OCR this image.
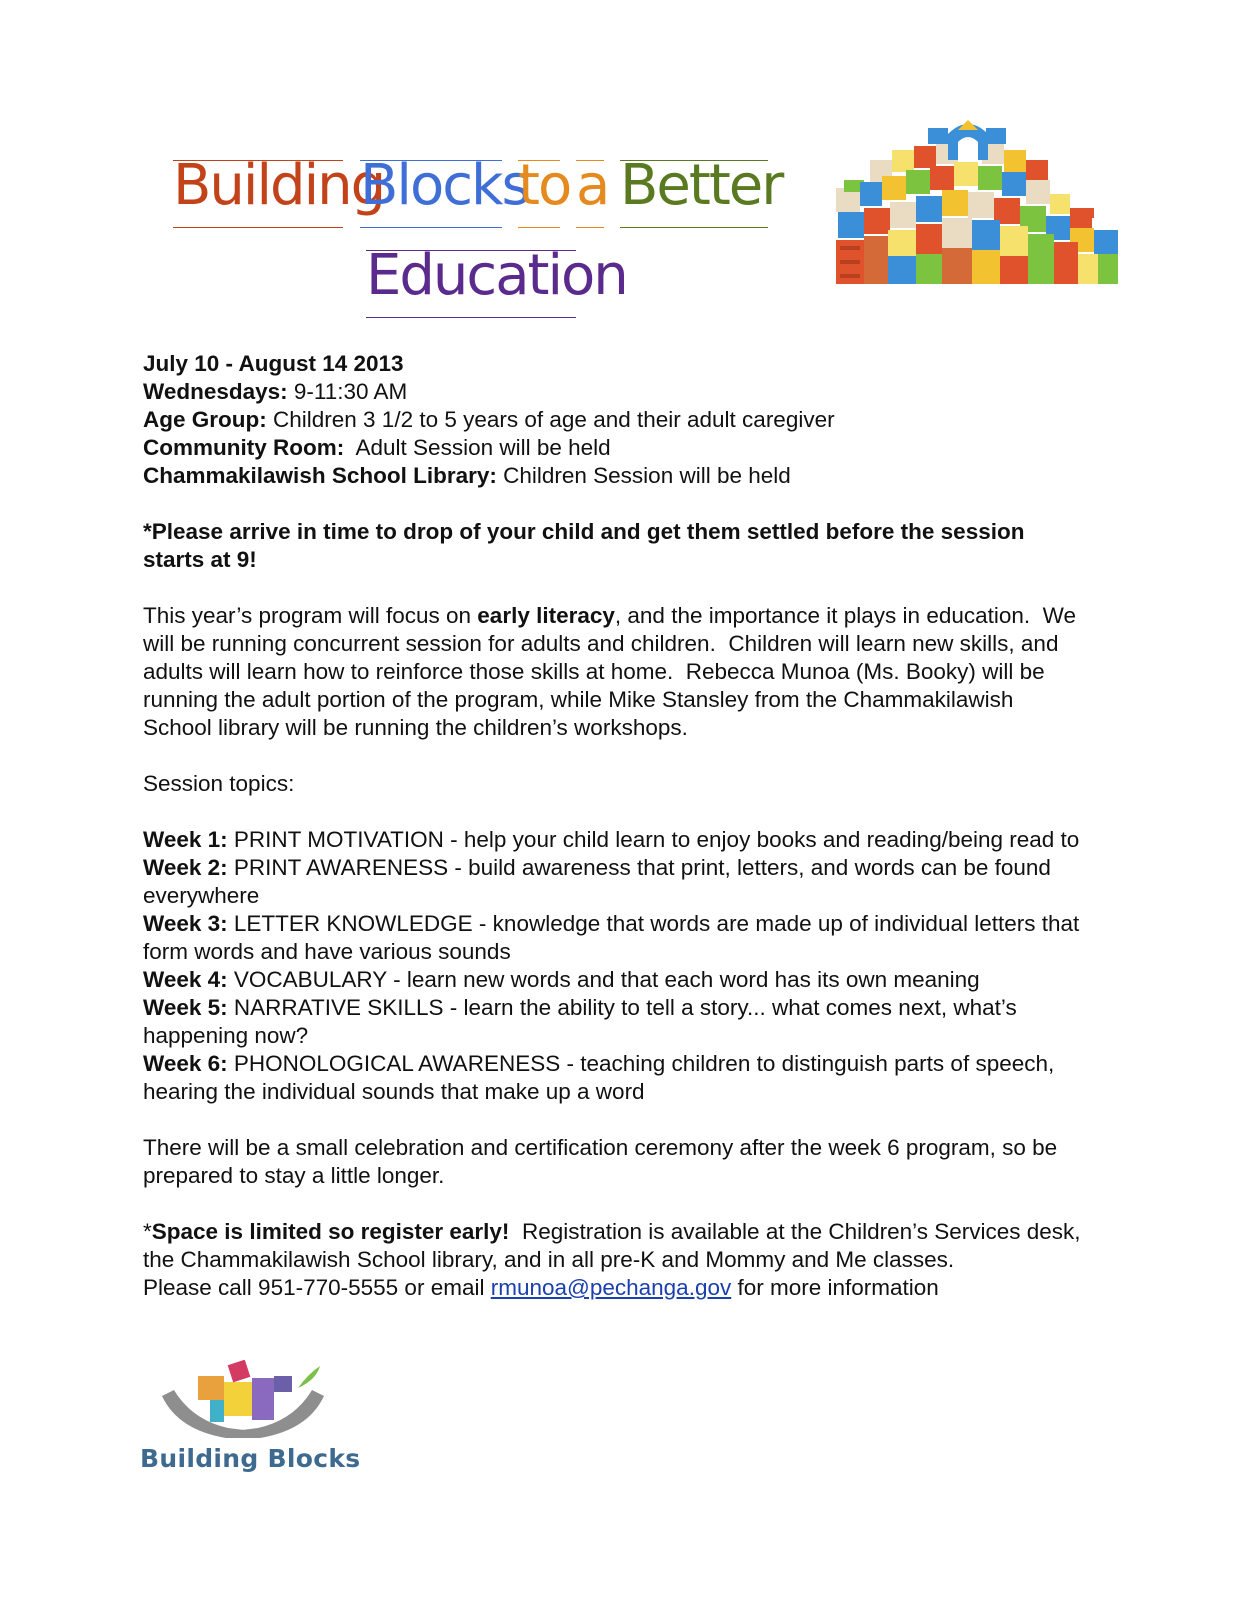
Building
Blocks
to a Better
Education

July 10 - August 14 2013

Wednesdays: 9-11:30 AM

Age Group: Children 3 1/2 to 5 years of age and their adult caregiver

Community Room:  Adult Session will be held

Chammakilawish School Library: Children Session will be held

*Please arrive in time to drop of your child and get them settled before the session starts at 9!

This year’s program will focus on early literacy, and the importance it plays in education.  We will be running concurrent session for adults and children.  Children will learn new skills, and adults will learn how to reinforce those skills at home.  Rebecca Munoa (Ms. Booky) will be running the adult portion of the program, while Mike Stansley from the Chammakilawish School library will be running the children’s workshops.

Session topics:

Week 1: PRINT MOTIVATION - help your child learn to enjoy books and reading/being read to

Week 2: PRINT AWARENESS - build awareness that print, letters, and words can be found everywhere

Week 3: LETTER KNOWLEDGE - knowledge that words are made up of individual letters that form words and have various sounds

Week 4: VOCABULARY - learn new words and that each word has its own meaning

Week 5: NARRATIVE SKILLS - learn the ability to tell a story... what comes next, what’s happening now?

Week 6: PHONOLOGICAL AWARENESS - teaching children to distinguish parts of speech, hearing the individual sounds that make up a word

There will be a small celebration and certification ceremony after the week 6 program, so be prepared to stay a little longer.

*Space is limited so register early!  Registration is available at the Children’s Services desk, the Chammakilawish School library, and in all pre-K and Mommy and Me classes.

Please call 951-770-5555 or email rmunoa@pechanga.gov for more information

Building Blocks
